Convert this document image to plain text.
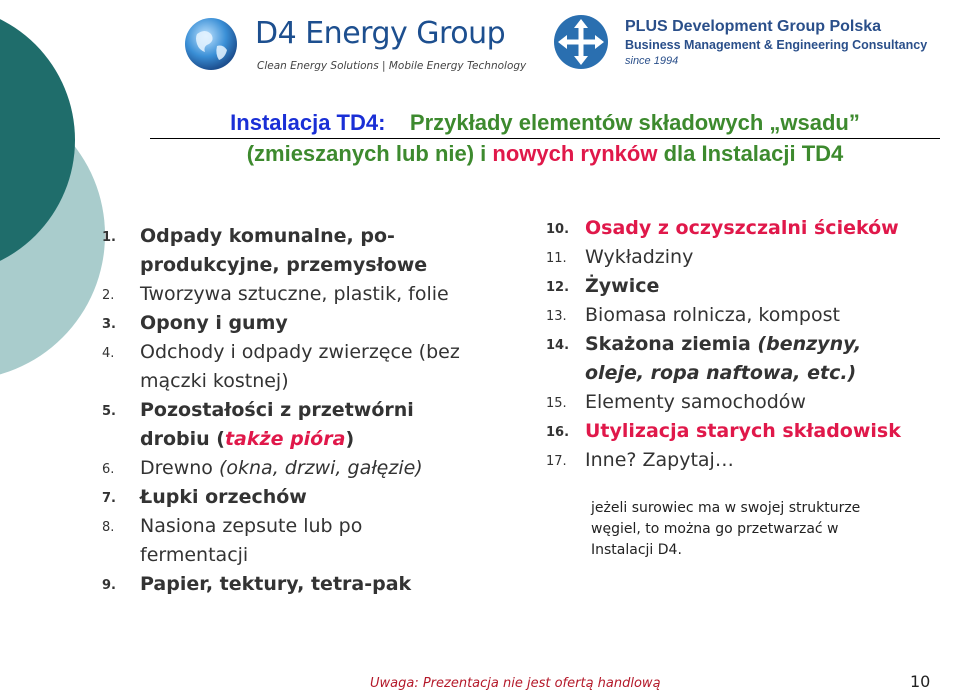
D4 Energy Group
Clean Energy Solutions | Mobile Energy Technology
PLUS Development Group Polska
Business Management & Engineering Consultancy
since 1994
Instalacja TD4: Przykłady elementów składowych „wsadu”
(zmieszanych lub nie) i nowych rynków dla Instalacji TD4
1. Odpady komunalne, po-
produkcyjne, przemysłowe
2. Tworzywa sztuczne, plastik, folie
3. Opony i gumy
4. Odchody i odpady zwierzęce (bez
mączki kostnej)
5. Pozostałości z przetwórni
drobiu (także pióra)
6. Drewno (okna, drzwi, gałęzie)
7. Łupki orzechów
8. Nasiona zepsute lub po
fermentacji
9. Papier, tektury, tetra-pak
10. Osady z oczyszczalni ścieków
11. Wykładziny
12. Żywice
13. Biomasa rolnicza, kompost
14. Skażona ziemia (benzyny,
oleje, ropa naftowa, etc.)
15. Elementy samochodów
16. Utylizacja starych składowisk
17. Inne? Zapytaj…
jeżeli surowiec ma w swojej strukturze
węgiel, to można go przetwarzać w
Instalacji D4.
Uwaga: Prezentacja nie jest ofertą handlową	10
